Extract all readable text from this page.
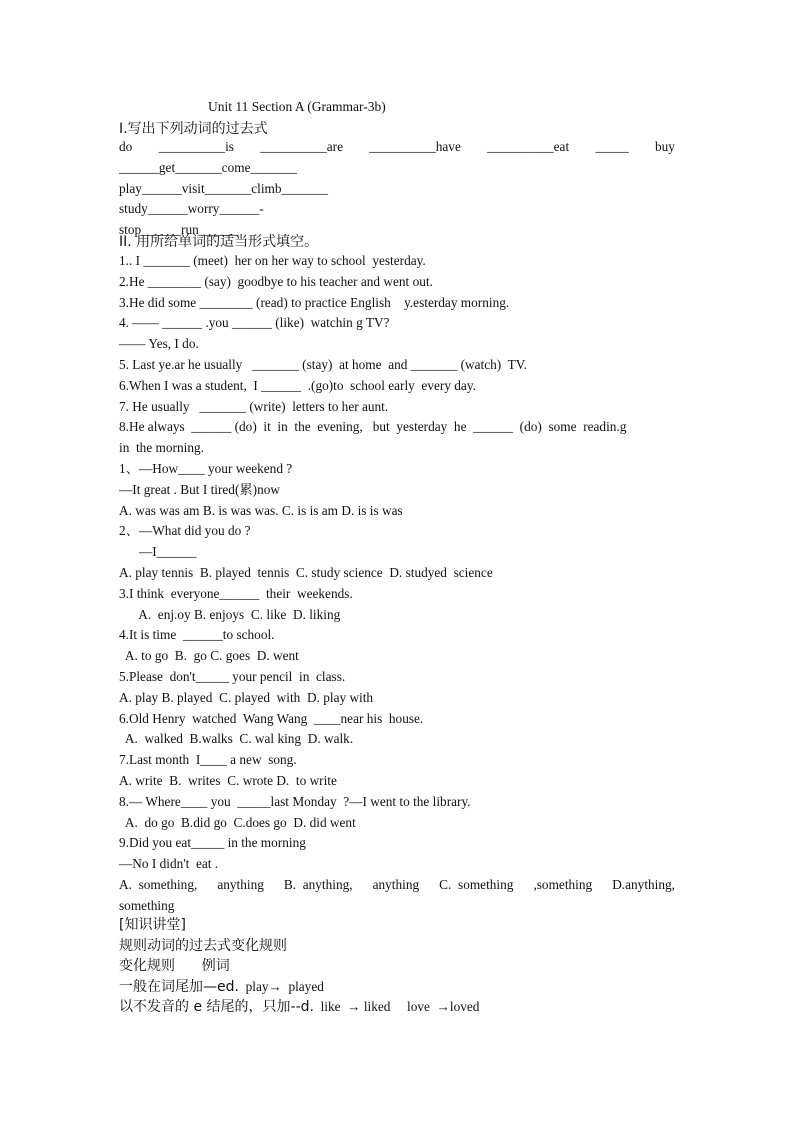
Unit 11 Section A (Grammar-3b)
I.写出下列动词的过去式
do __________is __________are __________have __________eat _____ buy
______get_______come_______
play______visit_______climb_______
study______worry______-
stop______run______
II. 用所给单词的适当形式填空。
1.. I _______ (meet)  her on her way to school  yesterday.
2.He ________ (say)  goodbye to his teacher and went out.
3.He did some ________ (read) to practice English    y.esterday morning.
4. —— ______ .you ______ (like)  watchin g TV?
—— Yes, I do.
5. Last ye.ar he usually   _______ (stay)  at home  and _______ (watch)  TV.
6.When I was a student,  I ______  .(go)to  school early  every day.
7. He usually   _______ (write)  letters to her aunt.
8.He always  ______ (do)  it  in  the  evening,   but  yesterday  he  ______  (do)  some  readin.g
in  the morning.
1、—How____ your weekend ?
—It great . But I tired(累)now
A. was was am B. is was was. C. is is am D. is is was
2、—What did you do ?
—I______
A. play tennis  B. played  tennis  C. study science  D. studyed  science
3.I think  everyone______  their  weekends.
A.  enj.oy B. enjoys  C. like  D. liking
4.It is time  ______to school.
A. to go  B.  go C. goes  D. went
5.Please  don't_____ your pencil  in  class.
A. play B. played  C. played  with  D. play with
6.Old Henry  watched  Wang Wang  ____near his  house.
A.  walked  B.walks  C. wal king  D. walk.
7.Last month  I____ a new  song.
A. write  B.  writes  C. wrote D.  to write
8.— Where____ you  _____last Monday  ?—I went to the library.
A.  do go  B.did go  C.does go  D. did went
9.Did you eat_____ in the morning
—No I didn't  eat .
A.  something, anything B.  anything, anything C.  something ,something D.anything,
something
[知识讲堂]
规则动词的过去式变化规则
变化规则      例词
一般在词尾加—ed.  play→  played
以不发音的 e 结尾的，只加--d.  like  → liked     love  →loved
